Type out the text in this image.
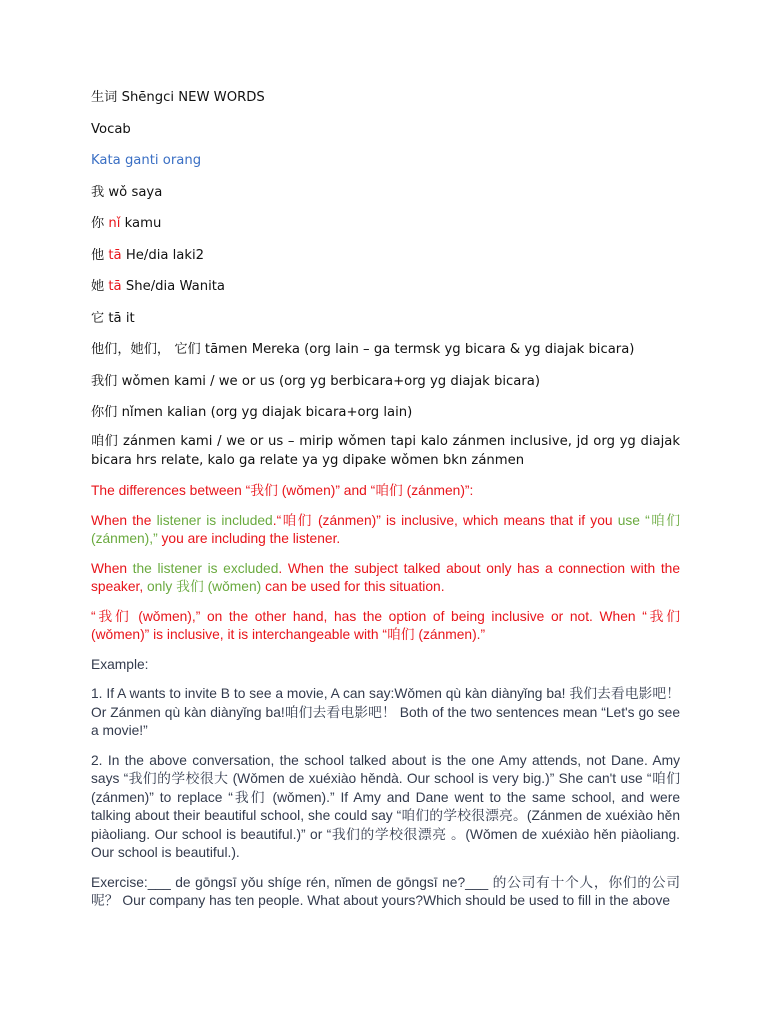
生词 Shēngci NEW WORDS

Vocab

Kata ganti orang

我 wǒ saya

你 nǐ kamu

他 tā He/dia laki2

她 tā She/dia Wanita

它 tā it

他们，她们， 它们 tāmen Mereka (org lain – ga termsk yg bicara & yg diajak bicara)

我们 wǒmen kami / we or us (org yg berbicara+org yg diajak bicara)

你们 nǐmen kalian (org yg diajak bicara+org lain)

咱们 zánmen kami / we or us – mirip wǒmen tapi kalo zánmen inclusive, jd org yg diajak bicara hrs relate, kalo ga relate ya yg dipake wǒmen bkn zánmen

The differences between “我们 (wǒmen)” and “咱们 (zánmen)”:

When the listener is included.“咱们 (zánmen)” is inclusive, which means that if you use “咱们 (zánmen),” you are including the listener.

When the listener is excluded. When the subject talked about only has a connection with the speaker, only 我们 (wǒmen) can be used for this situation.

“我们 (wǒmen),” on the other hand, has the option of being inclusive or not. When “我们 (wǒmen)” is inclusive, it is interchangeable with “咱们 (zánmen).”

Example:

1. If A wants to invite B to see a movie, A can say:Wǒmen qù kàn diànyǐng ba! 我们去看电影吧！Or Zánmen qù kàn diànyǐng ba!咱们去看电影吧！ Both of the two sentences mean “Let's go see a movie!”

2. In the above conversation, the school talked about is the one Amy attends, not Dane. Amy says “我们的学校很大 (Wǒmen de xuéxiào hěndà. Our school is very big.)” She can't use “咱们 (zánmen)” to replace “我们 (wǒmen).” If Amy and Dane went to the same school, and were talking about their beautiful school, she could say “咱们的学校很漂亮。(Zánmen de xuéxiào hěn piàoliang. Our school is beautiful.)” or “我们的学校很漂亮 。(Wǒmen de xuéxiào hěn piàoliang. Our school is beautiful.).

Exercise:___ de gōngsī yǒu shíge rén, nǐmen de gōngsī ne?___ 的公司有十个人，你们的公司呢？ Our company has ten people. What about yours?Which should be used to fill in the above
